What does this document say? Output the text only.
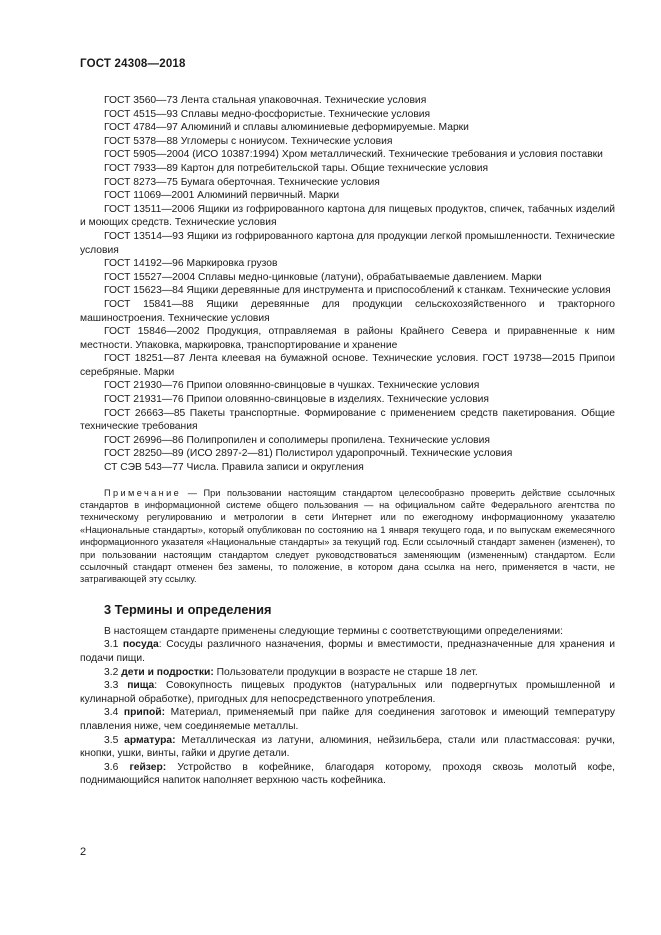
ГОСТ 24308—2018

ГОСТ 3560—73 Лента стальная упаковочная. Технические условия

ГОСТ 4515—93 Сплавы медно-фосфористые. Технические условия

ГОСТ 4784—97 Алюминий и сплавы алюминиевые деформируемые. Марки

ГОСТ 5378—88 Угломеры с нониусом. Технические условия

ГОСТ 5905—2004 (ИСО 10387:1994) Хром металлический. Технические требования и условия поставки

ГОСТ 7933—89 Картон для потребительской тары. Общие технические условия

ГОСТ 8273—75 Бумага оберточная. Технические условия

ГОСТ 11069—2001 Алюминий первичный. Марки

ГОСТ 13511—2006 Ящики из гофрированного картона для пищевых продуктов, спичек, табачных изделий и моющих средств. Технические условия

ГОСТ 13514—93 Ящики из гофрированного картона для продукции легкой промышленности. Технические условия

ГОСТ 14192—96 Маркировка грузов

ГОСТ 15527—2004 Сплавы медно-цинковые (латуни), обрабатываемые давлением. Марки

ГОСТ 15623—84 Ящики деревянные для инструмента и приспособлений к станкам. Технические условия

ГОСТ 15841—88 Ящики деревянные для продукции сельскохозяйственного и тракторного машиностроения. Технические условия

ГОСТ 15846—2002 Продукция, отправляемая в районы Крайнего Севера и приравненные к ним местности. Упаковка, маркировка, транспортирование и хранение

ГОСТ 18251—87 Лента клеевая на бумажной основе. Технические условия. ГОСТ 19738—2015 Припои серебряные. Марки

ГОСТ 21930—76 Припои оловянно-свинцовые в чушках. Технические условия

ГОСТ 21931—76 Припои оловянно-свинцовые в изделиях. Технические условия

ГОСТ 26663—85 Пакеты транспортные. Формирование с применением средств пакетирования. Общие технические требования

ГОСТ 26996—86 Полипропилен и сополимеры пропилена. Технические условия

ГОСТ 28250—89 (ИСО 2897-2—81) Полистирол ударопрочный. Технические условия

СТ СЭВ 543—77 Числа. Правила записи и округления

Примечание — При пользовании настоящим стандартом целесообразно проверить действие ссылочных стандартов в информационной системе общего пользования — на официальном сайте Федерального агентства по техническому регулированию и метрологии в сети Интернет или по ежегодному информационному указателю «Национальные стандарты», который опубликован по состоянию на 1 января текущего года, и по выпускам ежемесячного информационного указателя «Национальные стандарты» за текущий год. Если ссылочный стандарт заменен (изменен), то при пользовании настоящим стандартом следует руководствоваться заменяющим (измененным) стандартом. Если ссылочный стандарт отменен без замены, то положение, в котором дана ссылка на него, применяется в части, не затрагивающей эту ссылку.

3 Термины и определения

В настоящем стандарте применены следующие термины с соответствующими определениями:

3.1 посуда: Сосуды различного назначения, формы и вместимости, предназначенные для хранения и подачи пищи.

3.2 дети и подростки: Пользователи продукции в возрасте не старше 18 лет.

3.3 пища: Совокупность пищевых продуктов (натуральных или подвергнутых промышленной и кулинарной обработке), пригодных для непосредственного употребления.

3.4 припой: Материал, применяемый при пайке для соединения заготовок и имеющий температуру плавления ниже, чем соединяемые металлы.

3.5 арматура: Металлическая из латуни, алюминия, нейзильбера, стали или пластмассовая: ручки, кнопки, ушки, винты, гайки и другие детали.

3.6 гейзер: Устройство в кофейнике, благодаря которому, проходя сквозь молотый кофе, поднимающийся напиток наполняет верхнюю часть кофейника.

2
